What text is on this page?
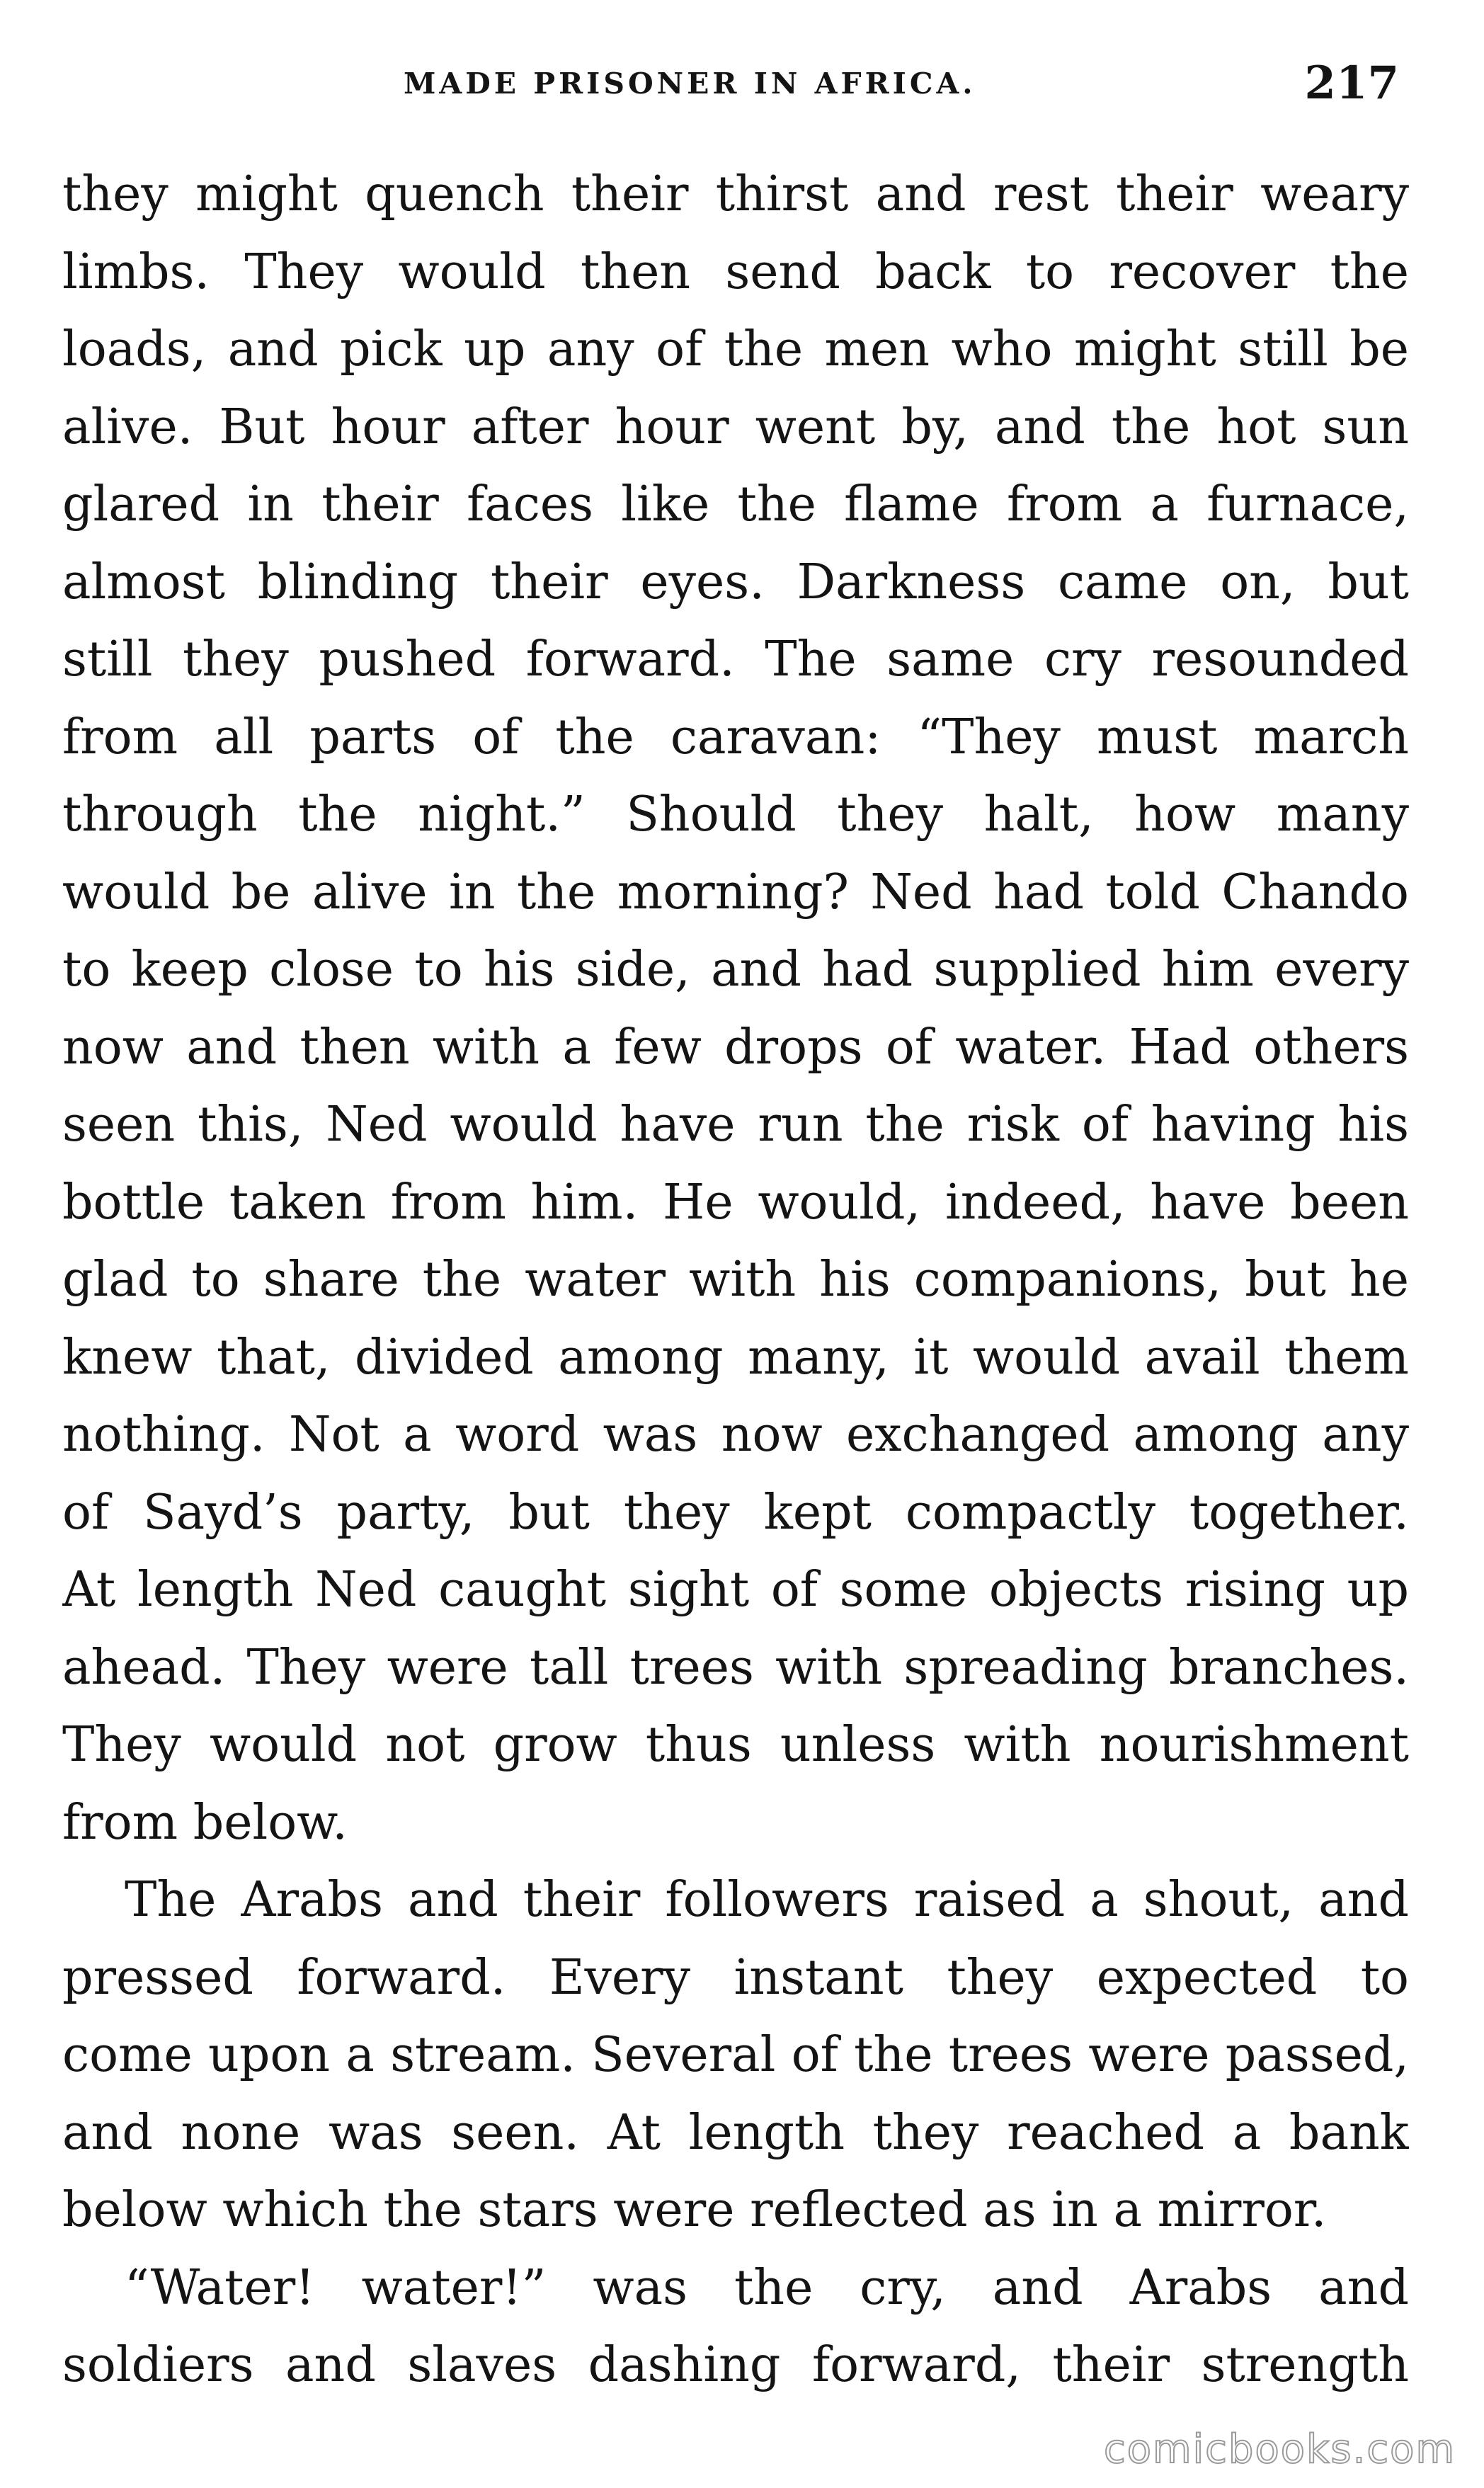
MADE PRISONER IN AFRICA.	217
they might quench their thirst and rest their weary
limbs. They would then send back to recover the
loads, and pick up any of the men who might still be
alive. But hour after hour went by, and the hot sun
glared in their faces like the flame from a furnace,
almost blinding their eyes. Darkness came on, but
still they pushed forward. The same cry resounded
from all parts of the caravan: “They must march
through the night.” Should they halt, how many
would be alive in the morning? Ned had told Chando
to keep close to his side, and had supplied him every
now and then with a few drops of water. Had others
seen this, Ned would have run the risk of having his
bottle taken from him. He would, indeed, have been
glad to share the water with his companions, but he
knew that, divided among many, it would avail them
nothing. Not a word was now exchanged among any
of Sayd’s party, but they kept compactly together.
At length Ned caught sight of some objects rising up
ahead. They were tall trees with spreading branches.
They would not grow thus unless with nourishment
from below.
The Arabs and their followers raised a shout, and
pressed forward. Every instant they expected to
come upon a stream. Several of the trees were passed,
and none was seen. At length they reached a bank
below which the stars were reflected as in a mirror.
“Water! water!” was the cry, and Arabs and
soldiers and slaves dashing forward, their strength
comicbooks.com
